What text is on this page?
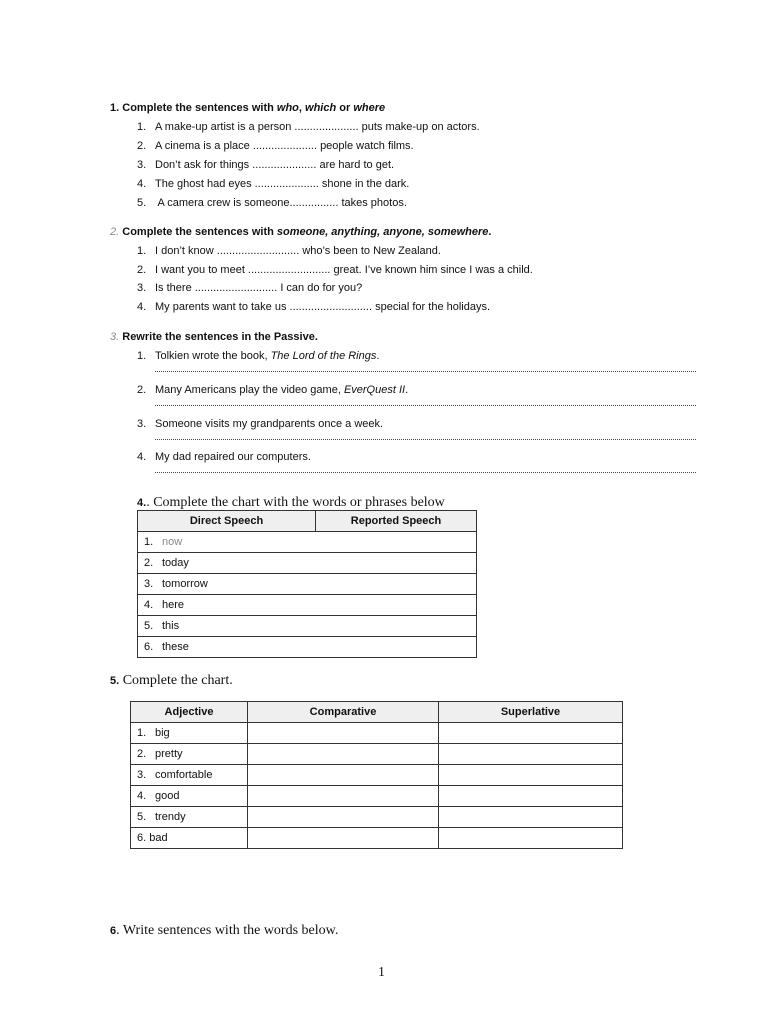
1. Complete the sentences with who, which or where
1. A make-up artist is a person ..................... puts make-up on actors.
2. A cinema is a place ..................... people watch films.
3. Don’t ask for things ..................... are hard to get.
4. The ghost had eyes ..................... shone in the dark.
5. A camera crew is someone................ takes photos.
2. Complete the sentences with someone, anything, anyone, somewhere.
1. I don’t know ........................... who’s been to New Zealand.
2. I want you to meet ........................... great. I’ve known him since I was a child.
3. Is there ........................... I can do for you?
4. My parents want to take us ........................... special for the holidays.
3. Rewrite the sentences in the Passive.
1. Tolkien wrote the book, The Lord of the Rings.
2. Many Americans play the video game, EverQuest II.
3. Someone visits my grandparents once a week.
4. My dad repaired our computers.
4.. Complete the chart with the words or phrases below
Direct Speech	Reported Speech
1. now	
2. today	
3. tomorrow	
4. here	
5. this	
6. these	
5. Complete the chart.
Adjective	Comparative	Superlative
1. big		
2. pretty		
3. comfortable		
4. good		
5. trendy		
6. bad		
6. Write sentences with the words below.
1
